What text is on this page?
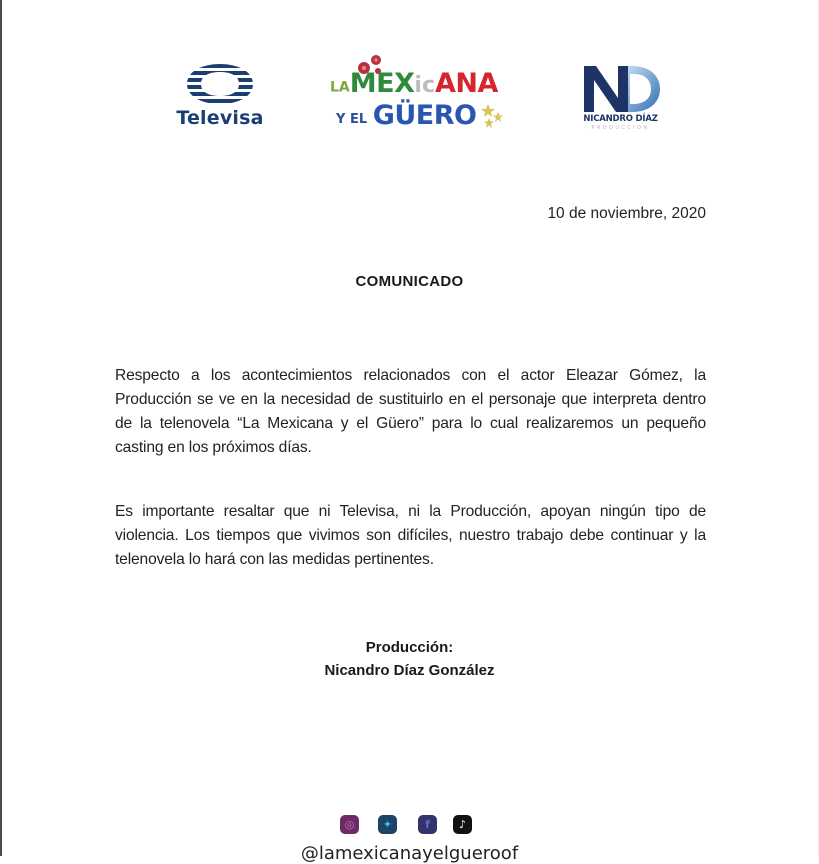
Televisa
LAMEXicANA
Y EL GÜERO	NICANDRO DÍAZ
PRODUCCIÓN
10 de noviembre, 2020
COMUNICADO
Respecto a los acontecimientos relacionados con el actor Eleazar Gómez, la Producción se ve en la necesidad de sustituirlo en el personaje que interpreta dentro de la telenovela “La Mexicana y el Güero” para lo cual realizaremos un pequeño casting en los próximos días.
Es importante resaltar que ni Televisa, ni la Producción, apoyan ningún tipo de violencia. Los tiempos que vivimos son difíciles, nuestro trabajo debe continuar y la telenovela lo hará con las medidas pertinentes.
Producción:
Nicandro Díaz González
◎	✦	f	♪
@lamexicanayelgueroof
